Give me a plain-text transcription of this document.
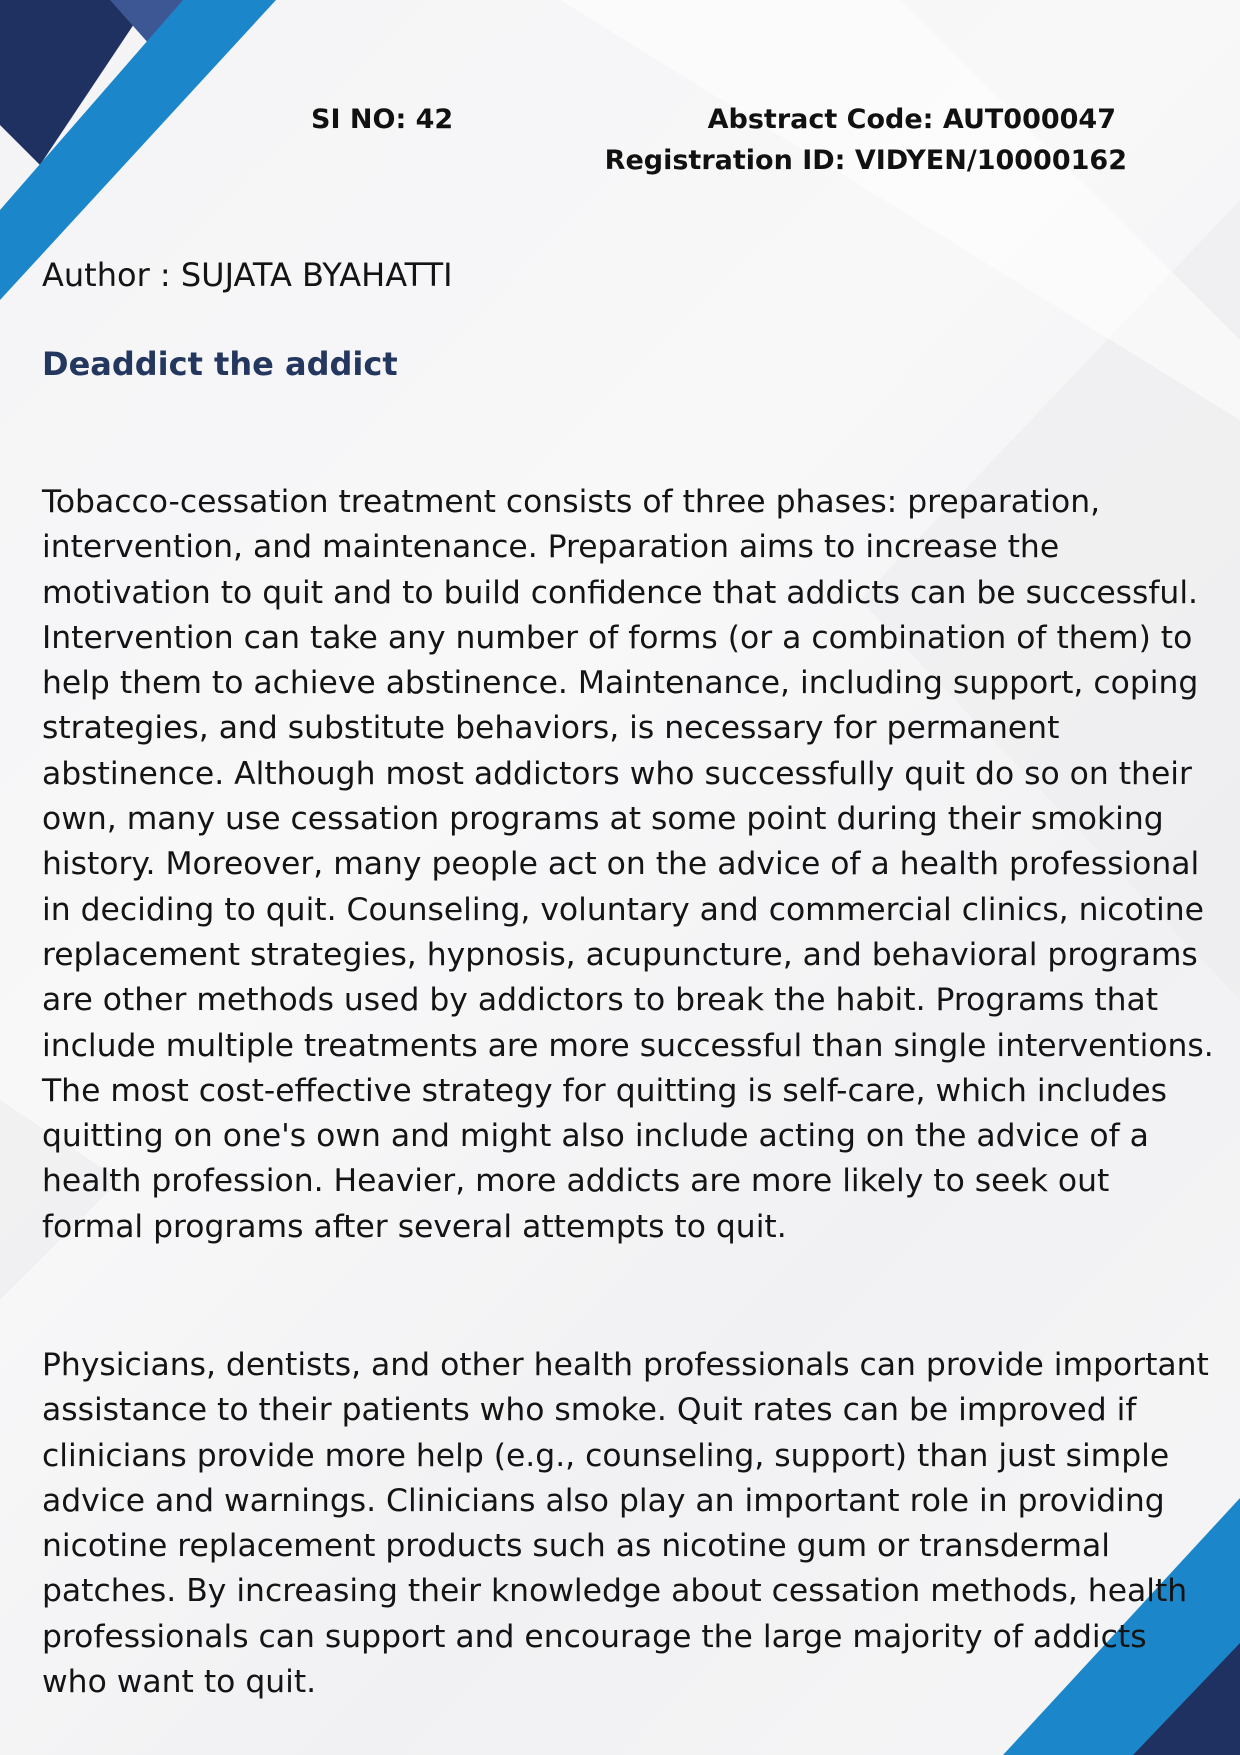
SI NO: 42	Abstract Code: AUT000047
Registration ID: VIDYEN/10000162
Author : SUJATA BYAHATTI
Deaddict the addict

Tobacco-cessation treatment consists of three phases: preparation, intervention, and maintenance. Preparation aims to increase the motivation to quit and to build confidence that addicts can be successful. Intervention can take any number of forms (or a combination of them) to help them to achieve abstinence. Maintenance, including support, coping strategies, and substitute behaviors, is necessary for permanent abstinence. Although most addictors who successfully quit do so on their own, many use cessation programs at some point during their smoking history. Moreover, many people act on the advice of a health professional in deciding to quit. Counseling, voluntary and commercial clinics, nicotine replacement strategies, hypnosis, acupuncture, and behavioral programs are other methods used by addictors to break the habit. Programs that include multiple treatments are more successful than single interventions. The most cost-effective strategy for quitting is self-care, which includes quitting on one's own and might also include acting on the advice of a health profession. Heavier, more addicts are more likely to seek out formal programs after several attempts to quit.

Physicians, dentists, and other health professionals can provide important assistance to their patients who smoke. Quit rates can be improved if clinicians provide more help (e.g., counseling, support) than just simple advice and warnings. Clinicians also play an important role in providing nicotine replacement products such as nicotine gum or transdermal patches. By increasing their knowledge about cessation methods, health professionals can support and encourage the large majority of addicts who want to quit.
